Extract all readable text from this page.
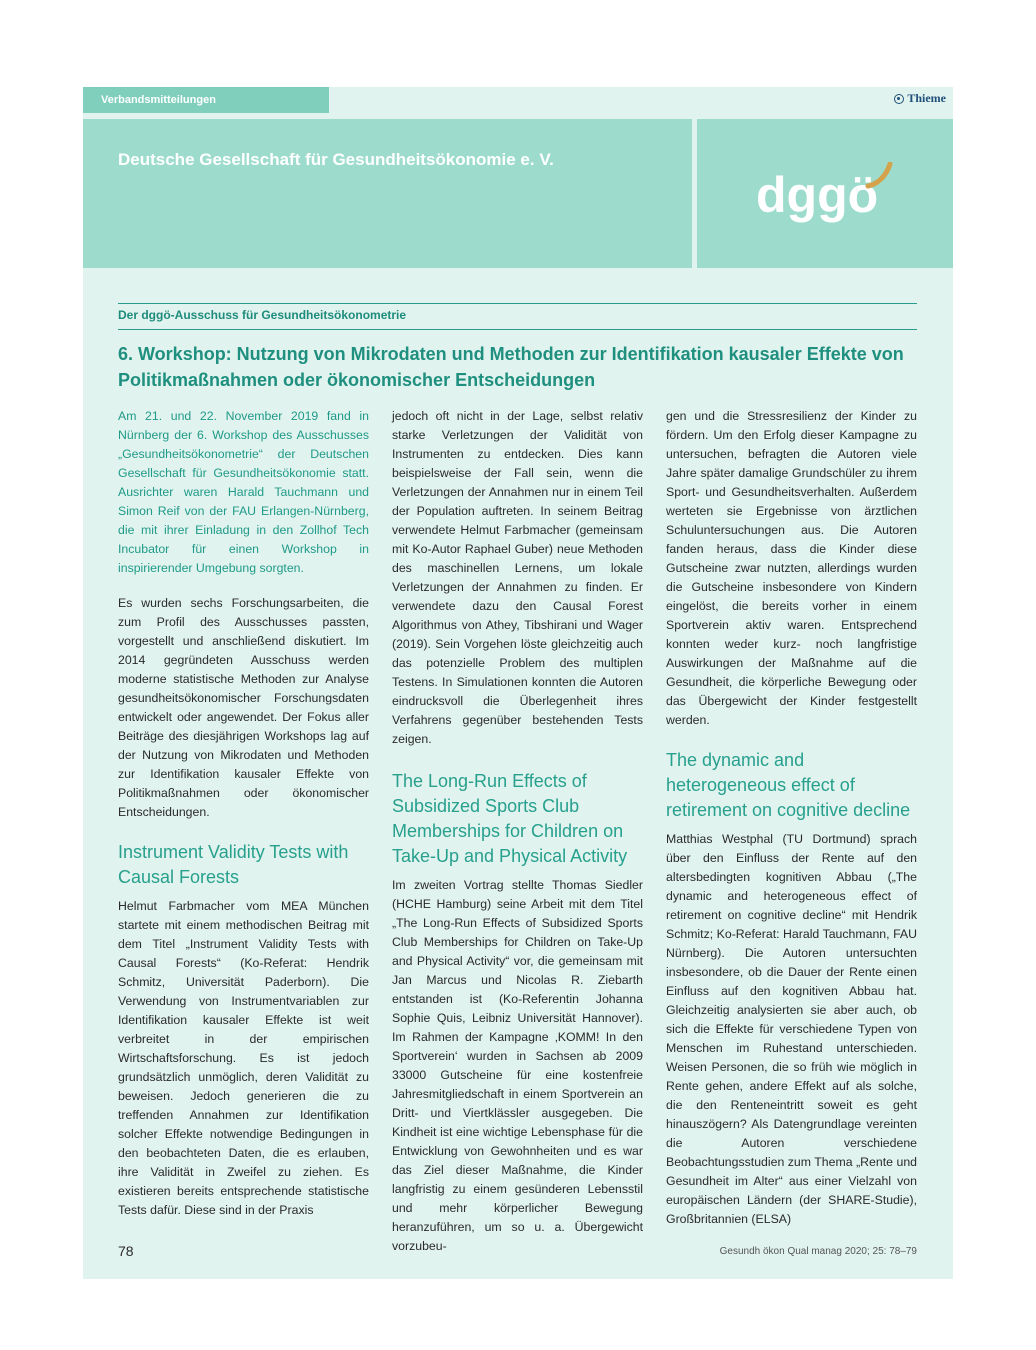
Verbandsmitteilungen	Thieme
Deutsche Gesellschaft für Gesundheitsökonomie e. V.
dggö
Der dggö-Ausschuss für Gesundheitsökonometrie
6. Workshop: Nutzung von Mikrodaten und Methoden zur Identifikation kausaler Effekte von Politikmaßnahmen oder ökonomischer Entscheidungen

Am 21. und 22. November 2019 fand in Nürnberg der 6. Workshop des Ausschusses „Gesundheitsökonometrie“ der Deutschen Gesellschaft für Gesundheitsökonomie statt. Ausrichter waren Harald Tauchmann und Simon Reif von der FAU Erlangen-Nürnberg, die mit ihrer Einladung in den Zollhof Tech Incubator für einen Workshop in inspirierender Umgebung sorgten.

Es wurden sechs Forschungsarbeiten, die zum Profil des Ausschusses passten, vorgestellt und anschließend diskutiert. Im 2014 gegründeten Ausschuss werden moderne statistische Methoden zur Analyse gesundheitsökonomischer Forschungsdaten entwickelt oder angewendet. Der Fokus aller Beiträge des diesjährigen Workshops lag auf der Nutzung von Mikrodaten und Methoden zur Identifikation kausaler Effekte von Politikmaßnahmen oder ökonomischer Entscheidungen.

Instrument Validity Tests with Causal Forests

Helmut Farbmacher vom MEA München startete mit einem methodischen Beitrag mit dem Titel „Instrument Validity Tests with Causal Forests“ (Ko-Referat: Hendrik Schmitz, Universität Paderborn). Die Verwendung von Instrumentvariablen zur Identifikation kausaler Effekte ist weit verbreitet in der empirischen Wirtschaftsforschung. Es ist jedoch grundsätzlich unmöglich, deren Validität zu beweisen. Jedoch generieren die zu treffenden Annahmen zur Identifikation solcher Effekte notwendige Bedingungen in den beobachteten Daten, die es erlauben, ihre Validität in Zweifel zu ziehen. Es existieren bereits entsprechende statistische Tests dafür. Diese sind in der Praxis

jedoch oft nicht in der Lage, selbst relativ starke Verletzungen der Validität von Instrumenten zu entdecken. Dies kann beispielsweise der Fall sein, wenn die Verletzungen der Annahmen nur in einem Teil der Population auftreten. In seinem Beitrag verwendete Helmut Farbmacher (gemeinsam mit Ko-Autor Raphael Guber) neue Methoden des maschinellen Lernens, um lokale Verletzungen der Annahmen zu finden. Er verwendete dazu den Causal Forest Algorithmus von Athey, Tibshirani und Wager (2019). Sein Vorgehen löste gleichzeitig auch das potenzielle Problem des multiplen Testens. In Simulationen konnten die Autoren eindrucksvoll die Überlegenheit ihres Verfahrens gegenüber bestehenden Tests zeigen.

The Long-Run Effects of Subsidized Sports Club Memberships for Children on Take-Up and Physical Activity

Im zweiten Vortrag stellte Thomas Siedler (HCHE Hamburg) seine Arbeit mit dem Titel „The Long-Run Effects of Subsidized Sports Club Memberships for Children on Take-Up and Physical Activity“ vor, die gemeinsam mit Jan Marcus und Nicolas R. Ziebarth entstanden ist (Ko-Referentin Johanna Sophie Quis, Leibniz Universität Hannover). Im Rahmen der Kampagne ‚KOMM! In den Sportverein‘ wurden in Sachsen ab 2009 33000 Gutscheine für eine kostenfreie Jahresmitgliedschaft in einem Sportverein an Dritt- und Viertklässler ausgegeben. Die Kindheit ist eine wichtige Lebensphase für die Entwicklung von Gewohnheiten und es war das Ziel dieser Maßnahme, die Kinder langfristig zu einem gesünderen Lebensstil und mehr körperlicher Bewegung heranzuführen, um so u. a. Übergewicht vorzubeu-

gen und die Stressresilienz der Kinder zu fördern. Um den Erfolg dieser Kampagne zu untersuchen, befragten die Autoren viele Jahre später damalige Grundschüler zu ihrem Sport- und Gesundheitsverhalten. Außerdem werteten sie Ergebnisse von ärztlichen Schuluntersuchungen aus. Die Autoren fanden heraus, dass die Kinder diese Gutscheine zwar nutzten, allerdings wurden die Gutscheine insbesondere von Kindern eingelöst, die bereits vorher in einem Sportverein aktiv waren. Entsprechend konnten weder kurz- noch langfristige Auswirkungen der Maßnahme auf die Gesundheit, die körperliche Bewegung oder das Übergewicht der Kinder festgestellt werden.

The dynamic and heterogeneous effect of retirement on cognitive decline

Matthias Westphal (TU Dortmund) sprach über den Einfluss der Rente auf den altersbedingten kognitiven Abbau („The dynamic and heterogeneous effect of retirement on cognitive decline“ mit Hendrik Schmitz; Ko-Referat: Harald Tauchmann, FAU Nürnberg). Die Autoren untersuchten insbesondere, ob die Dauer der Rente einen Einfluss auf den kognitiven Abbau hat. Gleichzeitig analysierten sie aber auch, ob sich die Effekte für verschiedene Typen von Menschen im Ruhestand unterschieden. Weisen Personen, die so früh wie möglich in Rente gehen, andere Effekt auf als solche, die den Renteneintritt soweit es geht hinauszögern? Als Datengrundlage vereinten die Autoren verschiedene Beobachtungsstudien zum Thema „Rente und Gesundheit im Alter“ aus einer Vielzahl von europäischen Ländern (der SHARE-Studie), Großbritannien (ELSA)

78	Gesundh ökon Qual manag 2020; 25: 78–79
